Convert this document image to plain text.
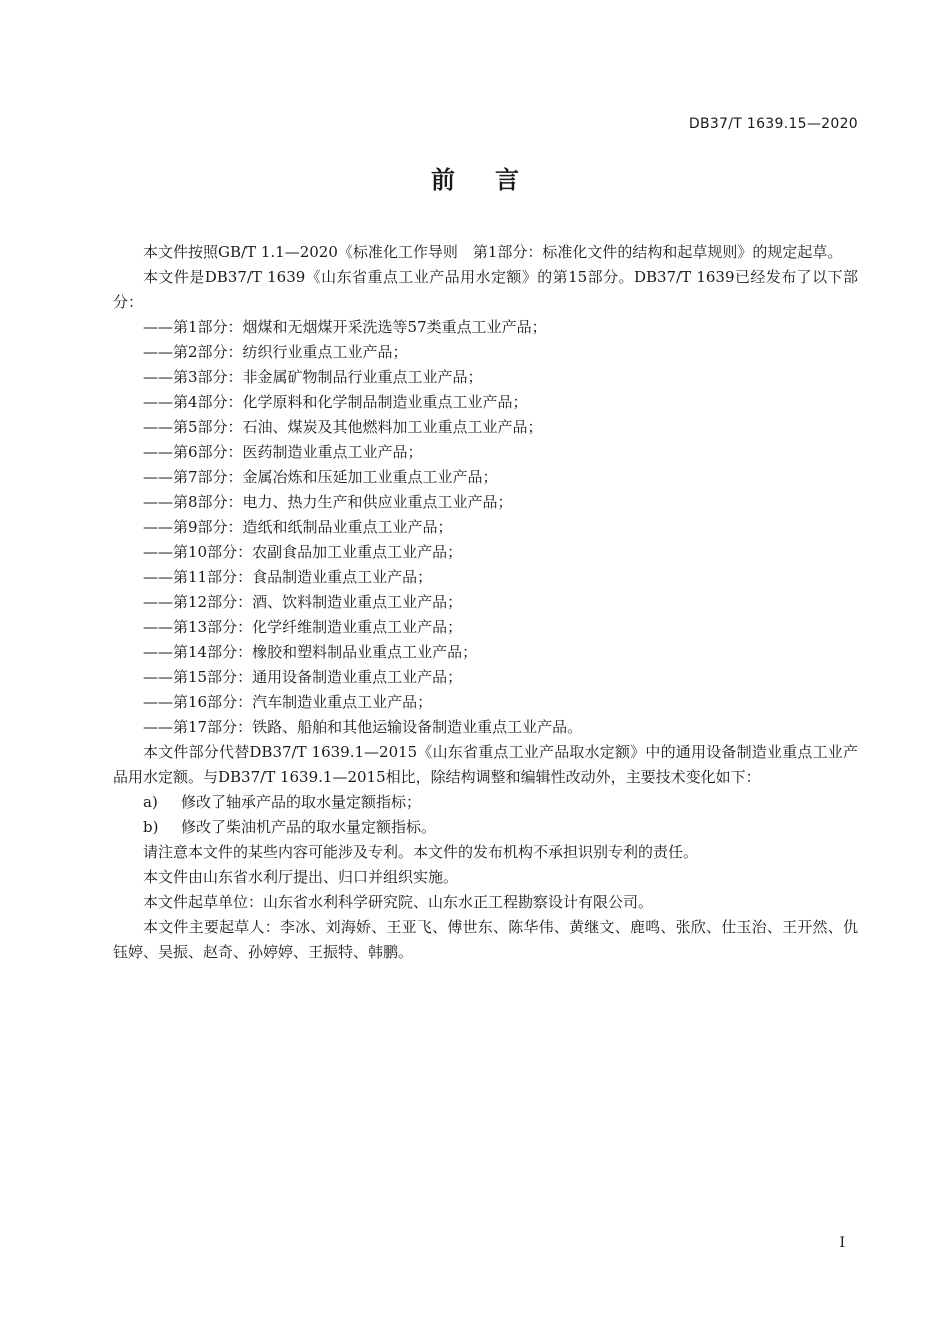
DB37/T 1639.15—2020
前言

本文件按照GB/T 1.1—2020《标准化工作导则　第1部分：标准化文件的结构和起草规则》的规定起草。

本文件是DB37/T 1639《山东省重点工业产品用水定额》的第15部分。DB37/T 1639已经发布了以下部分：

——第1部分：烟煤和无烟煤开采洗选等57类重点工业产品；

——第2部分：纺织行业重点工业产品；

——第3部分：非金属矿物制品行业重点工业产品；

——第4部分：化学原料和化学制品制造业重点工业产品；

——第5部分：石油、煤炭及其他燃料加工业重点工业产品；

——第6部分：医药制造业重点工业产品；

——第7部分：金属冶炼和压延加工业重点工业产品；

——第8部分：电力、热力生产和供应业重点工业产品；

——第9部分：造纸和纸制品业重点工业产品；

——第10部分：农副食品加工业重点工业产品；

——第11部分：食品制造业重点工业产品；

——第12部分：酒、饮料制造业重点工业产品；

——第13部分：化学纤维制造业重点工业产品；

——第14部分：橡胶和塑料制品业重点工业产品；

——第15部分：通用设备制造业重点工业产品；

——第16部分：汽车制造业重点工业产品；

——第17部分：铁路、船舶和其他运输设备制造业重点工业产品。

本文件部分代替DB37/T 1639.1—2015《山东省重点工业产品取水定额》中的通用设备制造业重点工业产品用水定额。与DB37/T 1639.1—2015相比，除结构调整和编辑性改动外，主要技术变化如下：

a) 修改了轴承产品的取水量定额指标；

b) 修改了柴油机产品的取水量定额指标。

请注意本文件的某些内容可能涉及专利。本文件的发布机构不承担识别专利的责任。

本文件由山东省水利厅提出、归口并组织实施。

本文件起草单位：山东省水利科学研究院、山东水正工程勘察设计有限公司。

本文件主要起草人：李冰、刘海娇、王亚飞、傅世东、陈华伟、黄继文、鹿鸣、张欣、仕玉治、王开然、仇钰婷、吴振、赵奇、孙婷婷、王振特、韩鹏。

I
